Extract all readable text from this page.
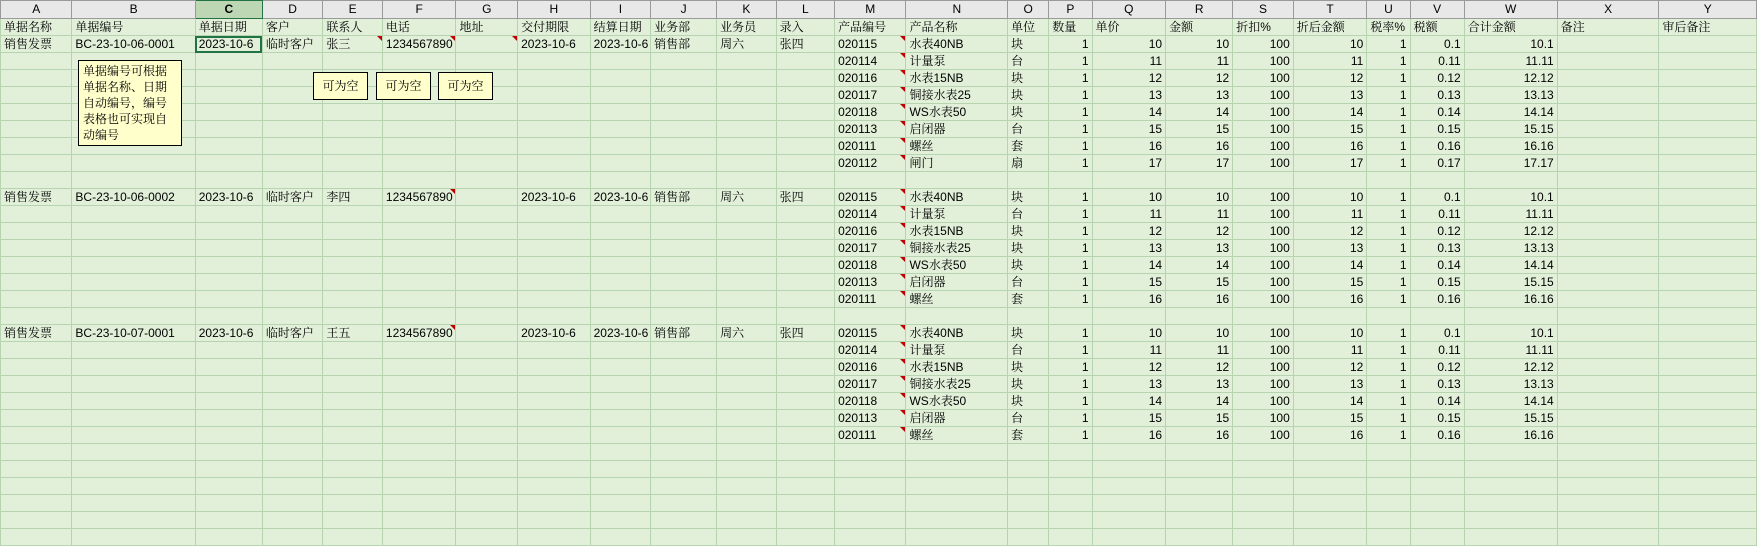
A	B	C	D	E	F	G	H	I	J	K	L	M	N	O	P	Q	R	S	T	U	V	W	X	Y
单据名称	单据编号	单据日期	客户	联系人	电话	地址	交付期限	结算日期	业务部	业务员	录入	产品编号	产品名称	单位	数量	单价	金额	折扣%	折后金额	税率%	税额	合计金额	备注	审后备注
销售发票	BC-23-10-06-0001	2023-10-6	临时客户	张三	1234567890		2023-10-6	2023-10-6	销售部	周六	张四	020115	水表40NB	块	1	10	10	100	10	1	0.1	10.1		
												020114	计量泵	台	1	11	11	100	11	1	0.11	11.11		
												020116	水表15NB	块	1	12	12	100	12	1	0.12	12.12		
												020117	铜接水表25	块	1	13	13	100	13	1	0.13	13.13		
												020118	WS水表50	块	1	14	14	100	14	1	0.14	14.14		
												020113	启闭器	台	1	15	15	100	15	1	0.15	15.15		
												020111	螺丝	套	1	16	16	100	16	1	0.16	16.16		
												020112	闸门	扇	1	17	17	100	17	1	0.17	17.17		

销售发票	BC-23-10-06-0002	2023-10-6	临时客户	李四	1234567890		2023-10-6	2023-10-6	销售部	周六	张四	020115	水表40NB	块	1	10	10	100	10	1	0.1	10.1		
												020114	计量泵	台	1	11	11	100	11	1	0.11	11.11		
												020116	水表15NB	块	1	12	12	100	12	1	0.12	12.12		
												020117	铜接水表25	块	1	13	13	100	13	1	0.13	13.13		
												020118	WS水表50	块	1	14	14	100	14	1	0.14	14.14		
												020113	启闭器	台	1	15	15	100	15	1	0.15	15.15		
												020111	螺丝	套	1	16	16	100	16	1	0.16	16.16		

销售发票	BC-23-10-07-0001	2023-10-6	临时客户	王五	1234567890		2023-10-6	2023-10-6	销售部	周六	张四	020115	水表40NB	块	1	10	10	100	10	1	0.1	10.1		
												020114	计量泵	台	1	11	11	100	11	1	0.11	11.11		
												020116	水表15NB	块	1	12	12	100	12	1	0.12	12.12		
												020117	铜接水表25	块	1	13	13	100	13	1	0.13	13.13		
												020118	WS水表50	块	1	14	14	100	14	1	0.14	14.14		
												020113	启闭器	台	1	15	15	100	15	1	0.15	15.15		
												020111	螺丝	套	1	16	16	100	16	1	0.16	16.16		

单据编号可根据单据名称、日期自动编号，编号表格也可实现自动编号
可为空	可为空	可为空
